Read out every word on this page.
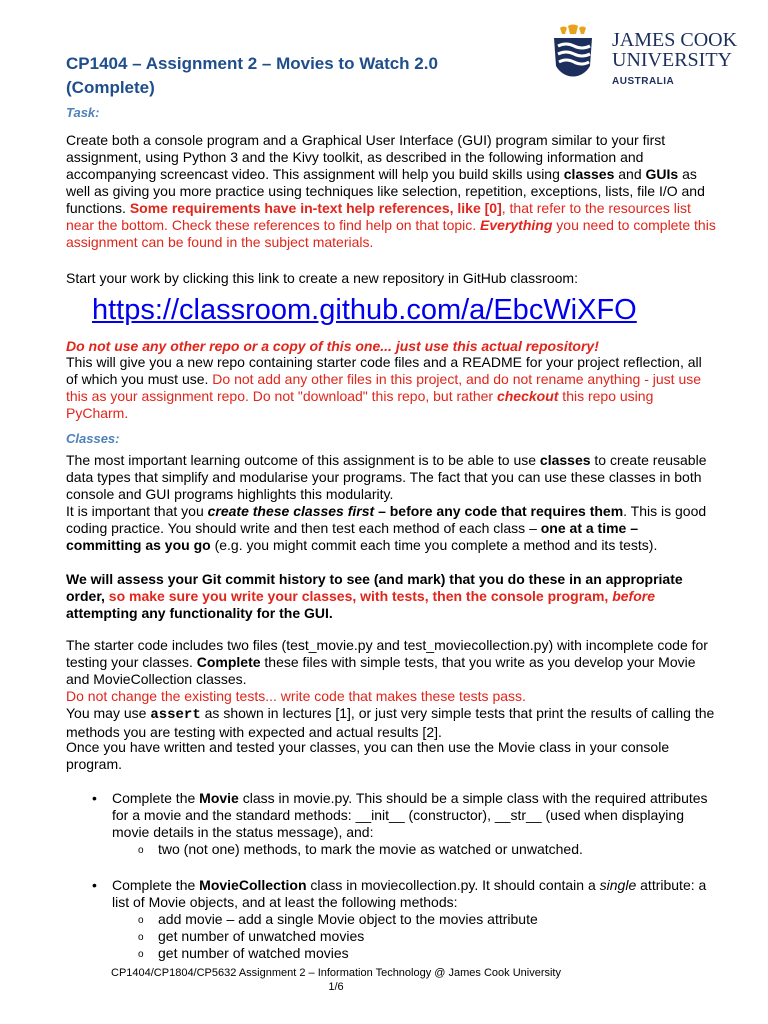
CP1404 – Assignment 2 – Movies to Watch 2.0
(Complete)
JAMES COOK
UNIVERSITY
AUSTRALIA
Task:
Create both a console program and a Graphical User Interface (GUI) program similar to your first assignment, using Python 3 and the Kivy toolkit, as described in the following information and accompanying screencast video. This assignment will help you build skills using classes and GUIs as well as giving you more practice using techniques like selection, repetition, exceptions, lists, file I/O and functions. Some requirements have in-text help references, like [0], that refer to the resources list near the bottom. Check these references to find help on that topic. Everything you need to complete this assignment can be found in the subject materials.
Start your work by clicking this link to create a new repository in GitHub classroom:
https://classroom.github.com/a/EbcWiXFO
Do not use any other repo or a copy of this one... just use this actual repository!
This will give you a new repo containing starter code files and a README for your project reflection, all of which you must use. Do not add any other files in this project, and do not rename anything - just use this as your assignment repo. Do not "download" this repo, but rather checkout this repo using PyCharm.
Classes:
The most important learning outcome of this assignment is to be able to use classes to create reusable data types that simplify and modularise your programs. The fact that you can use these classes in both console and GUI programs highlights this modularity.
It is important that you create these classes first – before any code that requires them. This is good coding practice. You should write and then test each method of each class – one at a time – committing as you go (e.g. you might commit each time you complete a method and its tests).
We will assess your Git commit history to see (and mark) that you do these in an appropriate order, so make sure you write your classes, with tests, then the console program, before attempting any functionality for the GUI.
The starter code includes two files (test_movie.py and test_moviecollection.py) with incomplete code for testing your classes. Complete these files with simple tests, that you write as you develop your Movie and MovieCollection classes.
Do not change the existing tests... write code that makes these tests pass.
You may use assert as shown in lectures [1], or just very simple tests that print the results of calling the methods you are testing with expected and actual results [2].
Once you have written and tested your classes, you can then use the Movie class in your console program.
• Complete the Movie class in movie.py. This should be a simple class with the required attributes for a movie and the standard methods: __init__ (constructor), __str__ (used when displaying movie details in the status message), and:
o	two (not one) methods, to mark the movie as watched or unwatched.
• Complete the MovieCollection class in moviecollection.py. It should contain a single attribute: a list of Movie objects, and at least the following methods:
o	add movie – add a single Movie object to the movies attribute
o	get number of unwatched movies
o	get number of watched movies
CP1404/CP1804/CP5632 Assignment 2 – Information Technology @ James Cook University
1/6
